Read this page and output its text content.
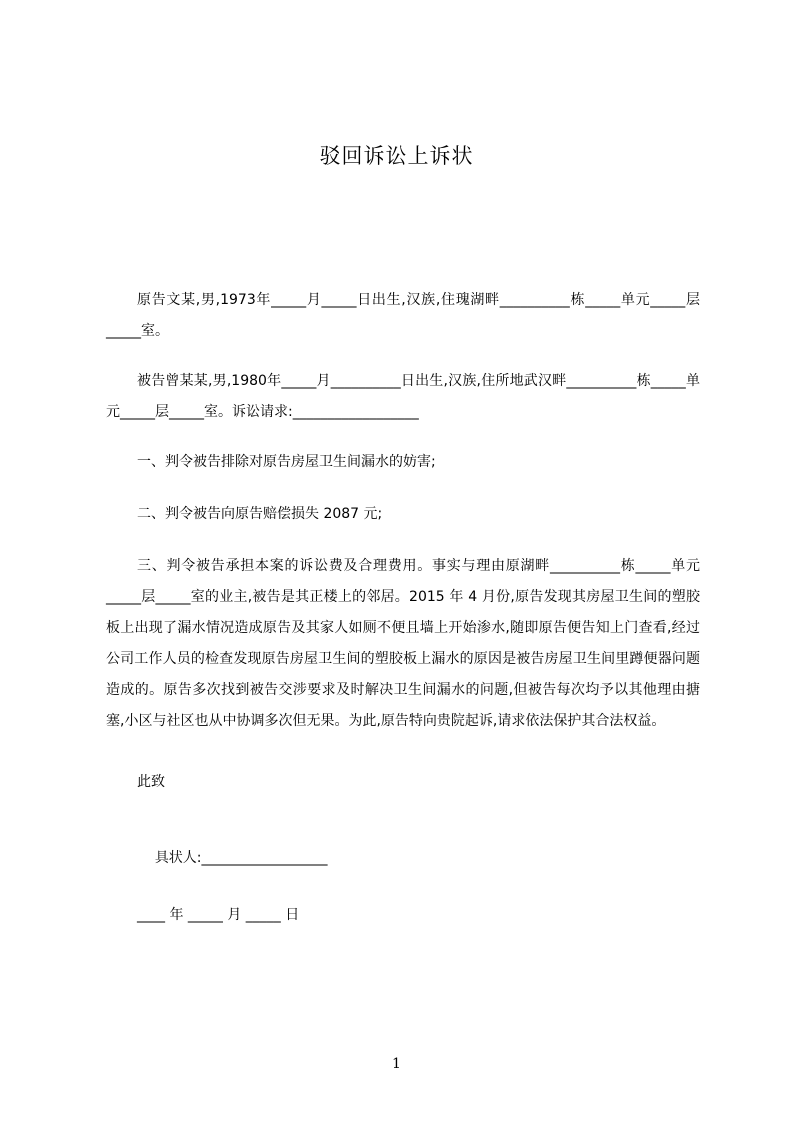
驳回诉讼上诉状

原告文某,男,1973年_____月_____日出生,汉族,住瑰湖畔__________栋_____单元_____层_____室。

被告曾某某,男,1980年_____月__________日出生,汉族,住所地武汉畔__________栋_____单元_____层_____室。诉讼请求:__________________

一、判令被告排除对原告房屋卫生间漏水的妨害;

二、判令被告向原告赔偿损失 2087 元;

三、判令被告承担本案的诉讼费及合理费用。事实与理由原湖畔__________栋_____单元_____层_____室的业主,被告是其正楼上的邻居。2015 年 4 月份,原告发现其房屋卫生间的塑胶板上出现了漏水情况造成原告及其家人如厕不便且墙上开始渗水,随即原告便告知上门查看,经过公司工作人员的检查发现原告房屋卫生间的塑胶板上漏水的原因是被告房屋卫生间里蹲便器问题造成的。原告多次找到被告交涉要求及时解决卫生间漏水的问题,但被告每次均予以其他理由搪塞,小区与社区也从中协调多次但无果。为此,原告特向贵院起诉,请求依法保护其合法权益。

此致

具状人:__________________

____ 年 _____ 月 _____ 日
1
